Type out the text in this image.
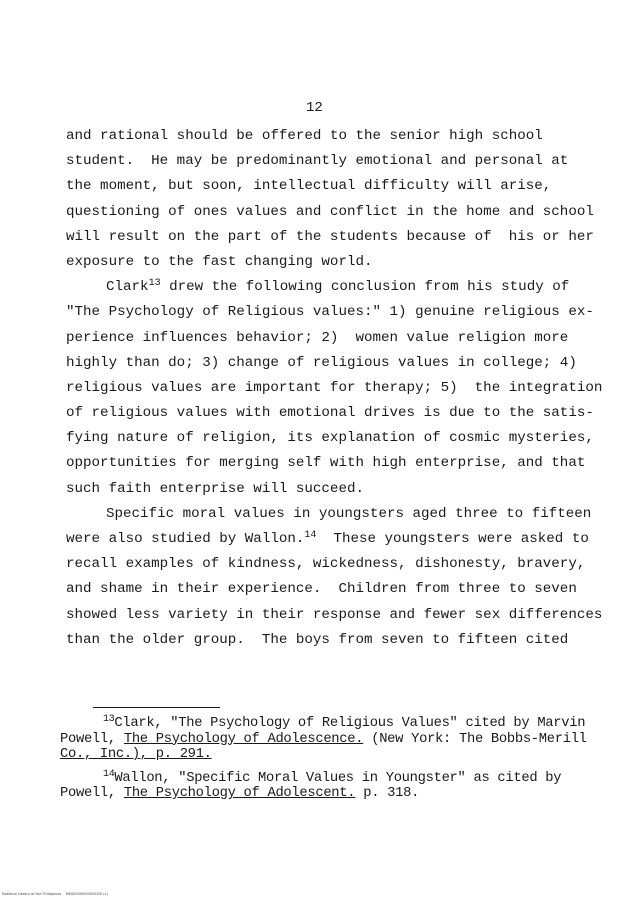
12
and rational should be offered to the senior high school
student.  He may be predominantly emotional and personal at
the moment, but soon, intellectual difficulty will arise,
questioning of ones values and conflict in the home and school
will result on the part of the students because of  his or her
exposure to the fast changing world.
Clark$^{13}$ drew the following conclusion from his study of
"The Psychology of Religious values:" 1) genuine religious ex-
perience influences behavior; 2)  women value religion more
highly than do; 3) change of religious values in college; 4)
religious values are important for therapy; 5)  the integration
of religious values with emotional drives is due to the satis-
fying nature of religion, its explanation of cosmic mysteries,
opportunities for merging self with high enterprise, and that
such faith enterprise will succeed.
Specific moral values in youngsters aged three to fifteen
were also studied by Wallon.$^{14}$  These youngsters were asked to
recall examples of kindness, wickedness, dishonesty, bravery,
and shame in their experience.  Children from three to seven
showed less variety in their response and fewer sex differences
than the older group.  The boys from seven to fifteen cited
$^{13}$Clark, "The Psychology of Religious Values" cited by Marvin
Powell, The Psychology of Adolescence. (New York: The Bobbs-Merill
Co., Inc.), p. 291.
$^{14}$Wallon, "Specific Moral Values in Youngster" as cited by
Powell, The Psychology of Adolescent. p. 318.
National Library of the Philippines    MSS0000000000000 (c)
